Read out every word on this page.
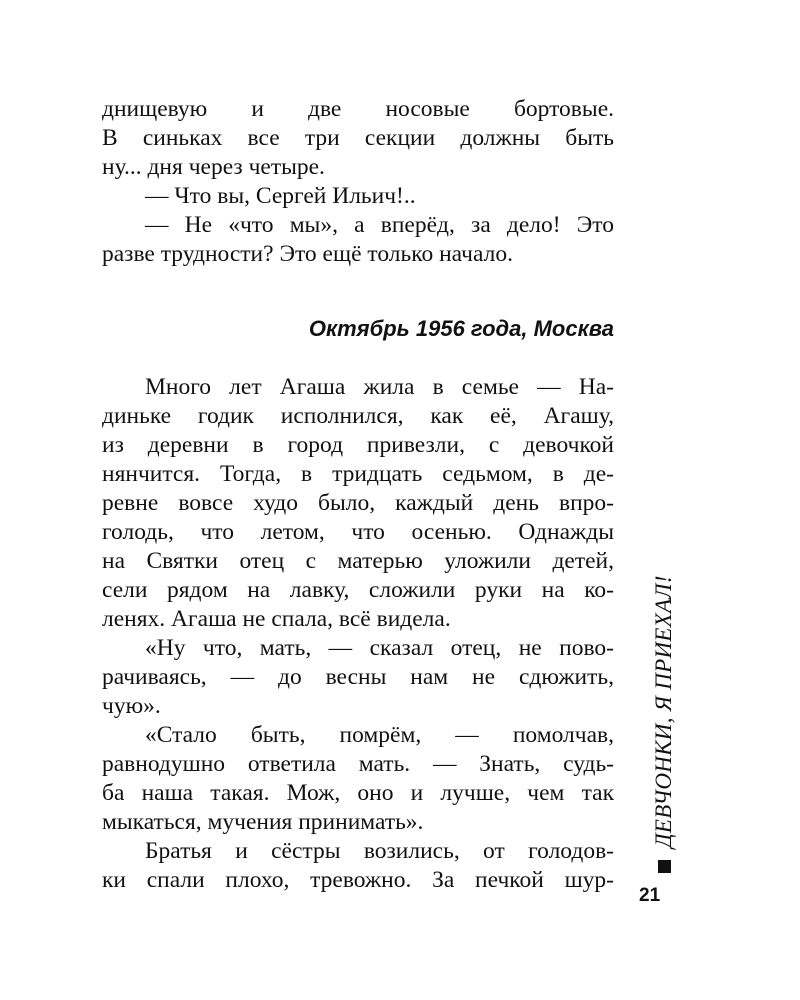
днищевую и две носовые бортовые.
В синьках все три секции должны быть
ну... дня через четыре.
— Что вы, Сергей Ильич!..
— Не «что мы», а вперёд, за дело! Это
разве трудности? Это ещё только начало.
Октябрь 1956 года, Москва
Много лет Агаша жила в семье — На-
диньке годик исполнился, как её, Агашу,
из деревни в город привезли, с девочкой
нянчится. Тогда, в тридцать седьмом, в де-
ревне вовсе худо было, каждый день впро-
голодь, что летом, что осенью. Однажды
на Святки отец с матерью уложили детей,
сели рядом на лавку, сложили руки на ко-
ленях. Агаша не спала, всё видела.
«Ну что, мать, — сказал отец, не пово-
рачиваясь, — до весны нам не сдюжить,
чую».
«Стало быть, помрём, — помолчав,
равнодушно ответила мать. — Знать, судь-
ба наша такая. Мож, оно и лучше, чем так
мыкаться, мучения принимать».
Братья и сёстры возились, от голодов-
ки спали плохо, тревожно. За печкой шур-
ДЕВЧОНКИ, Я ПРИЕХАЛ!
21
